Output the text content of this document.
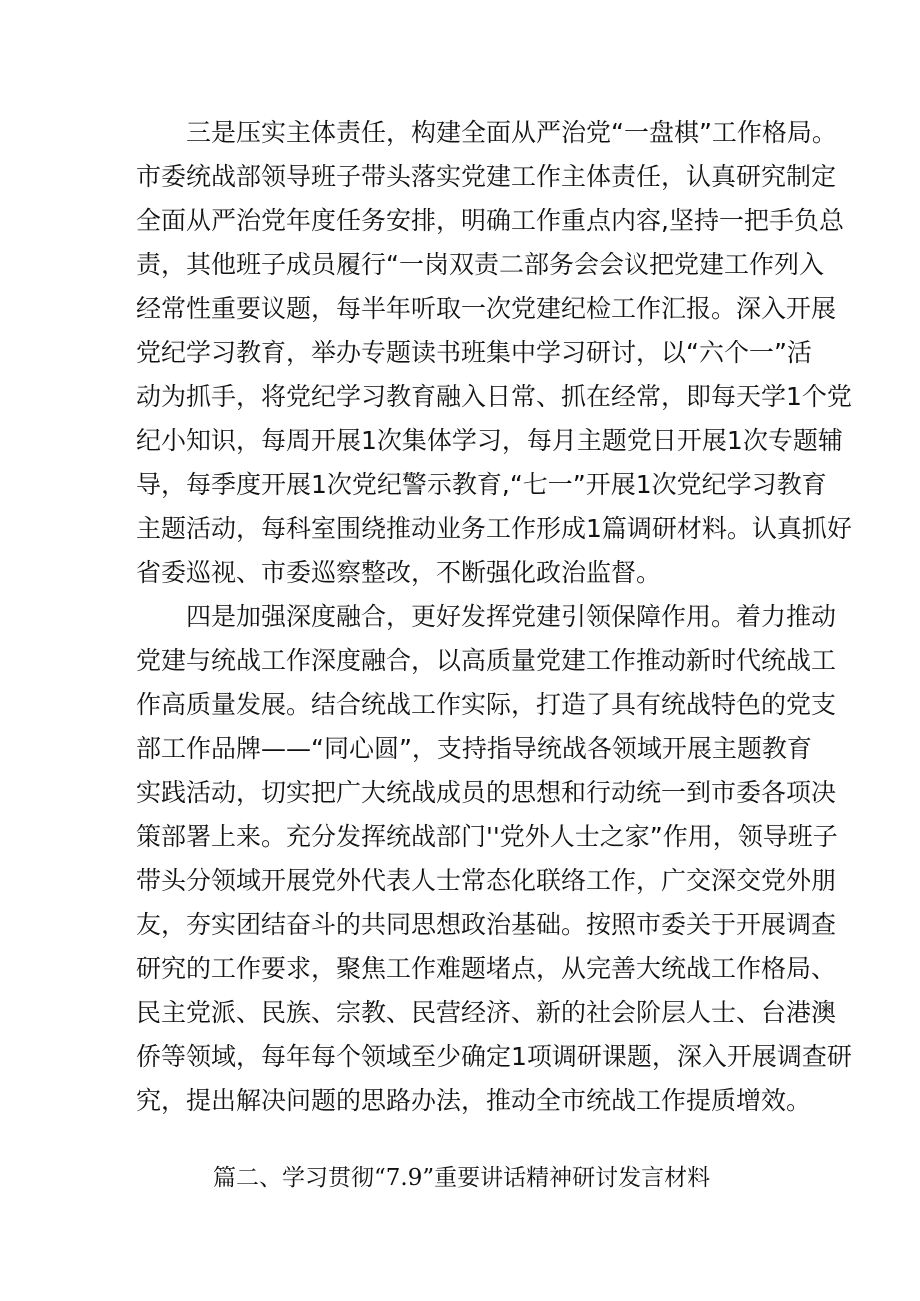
三是压实主体责任，构建全面从严治党“一盘棋”工作格局。
市委统战部领导班子带头落实党建工作主体责任，认真研究制定
全面从严治党年度任务安排，明确工作重点内容,坚持一把手负总
责，其他班子成员履行“一岗双责二部务会会议把党建工作列入
经常性重要议题，每半年听取一次党建纪检工作汇报。深入开展
党纪学习教育，举办专题读书班集中学习研讨，以“六个一”活
动为抓手，将党纪学习教育融入日常、抓在经常，即每天学1个党
纪小知识，每周开展1次集体学习，每月主题党日开展1次专题辅
导，每季度开展1次党纪警示教育,“七一”开展1次党纪学习教育
主题活动，每科室围绕推动业务工作形成1篇调研材料。认真抓好
省委巡视、市委巡察整改，不断强化政治监督。

四是加强深度融合，更好发挥党建引领保障作用。着力推动
党建与统战工作深度融合，以高质量党建工作推动新时代统战工
作高质量发展。结合统战工作实际，打造了具有统战特色的党支
部工作品牌——“同心圆”，支持指导统战各领域开展主题教育
实践活动，切实把广大统战成员的思想和行动统一到市委各项决
策部署上来。充分发挥统战部门''党外人士之家”作用，领导班子
带头分领域开展党外代表人士常态化联络工作，广交深交党外朋
友，夯实团结奋斗的共同思想政治基础。按照市委关于开展调查
研究的工作要求，聚焦工作难题堵点，从完善大统战工作格局、
民主党派、民族、宗教、民营经济、新的社会阶层人士、台港澳
侨等领域，每年每个领域至少确定1项调研课题，深入开展调查研
究，提出解决问题的思路办法，推动全市统战工作提质增效。

篇二、学习贯彻“7.9”重要讲话精神研讨发言材料
